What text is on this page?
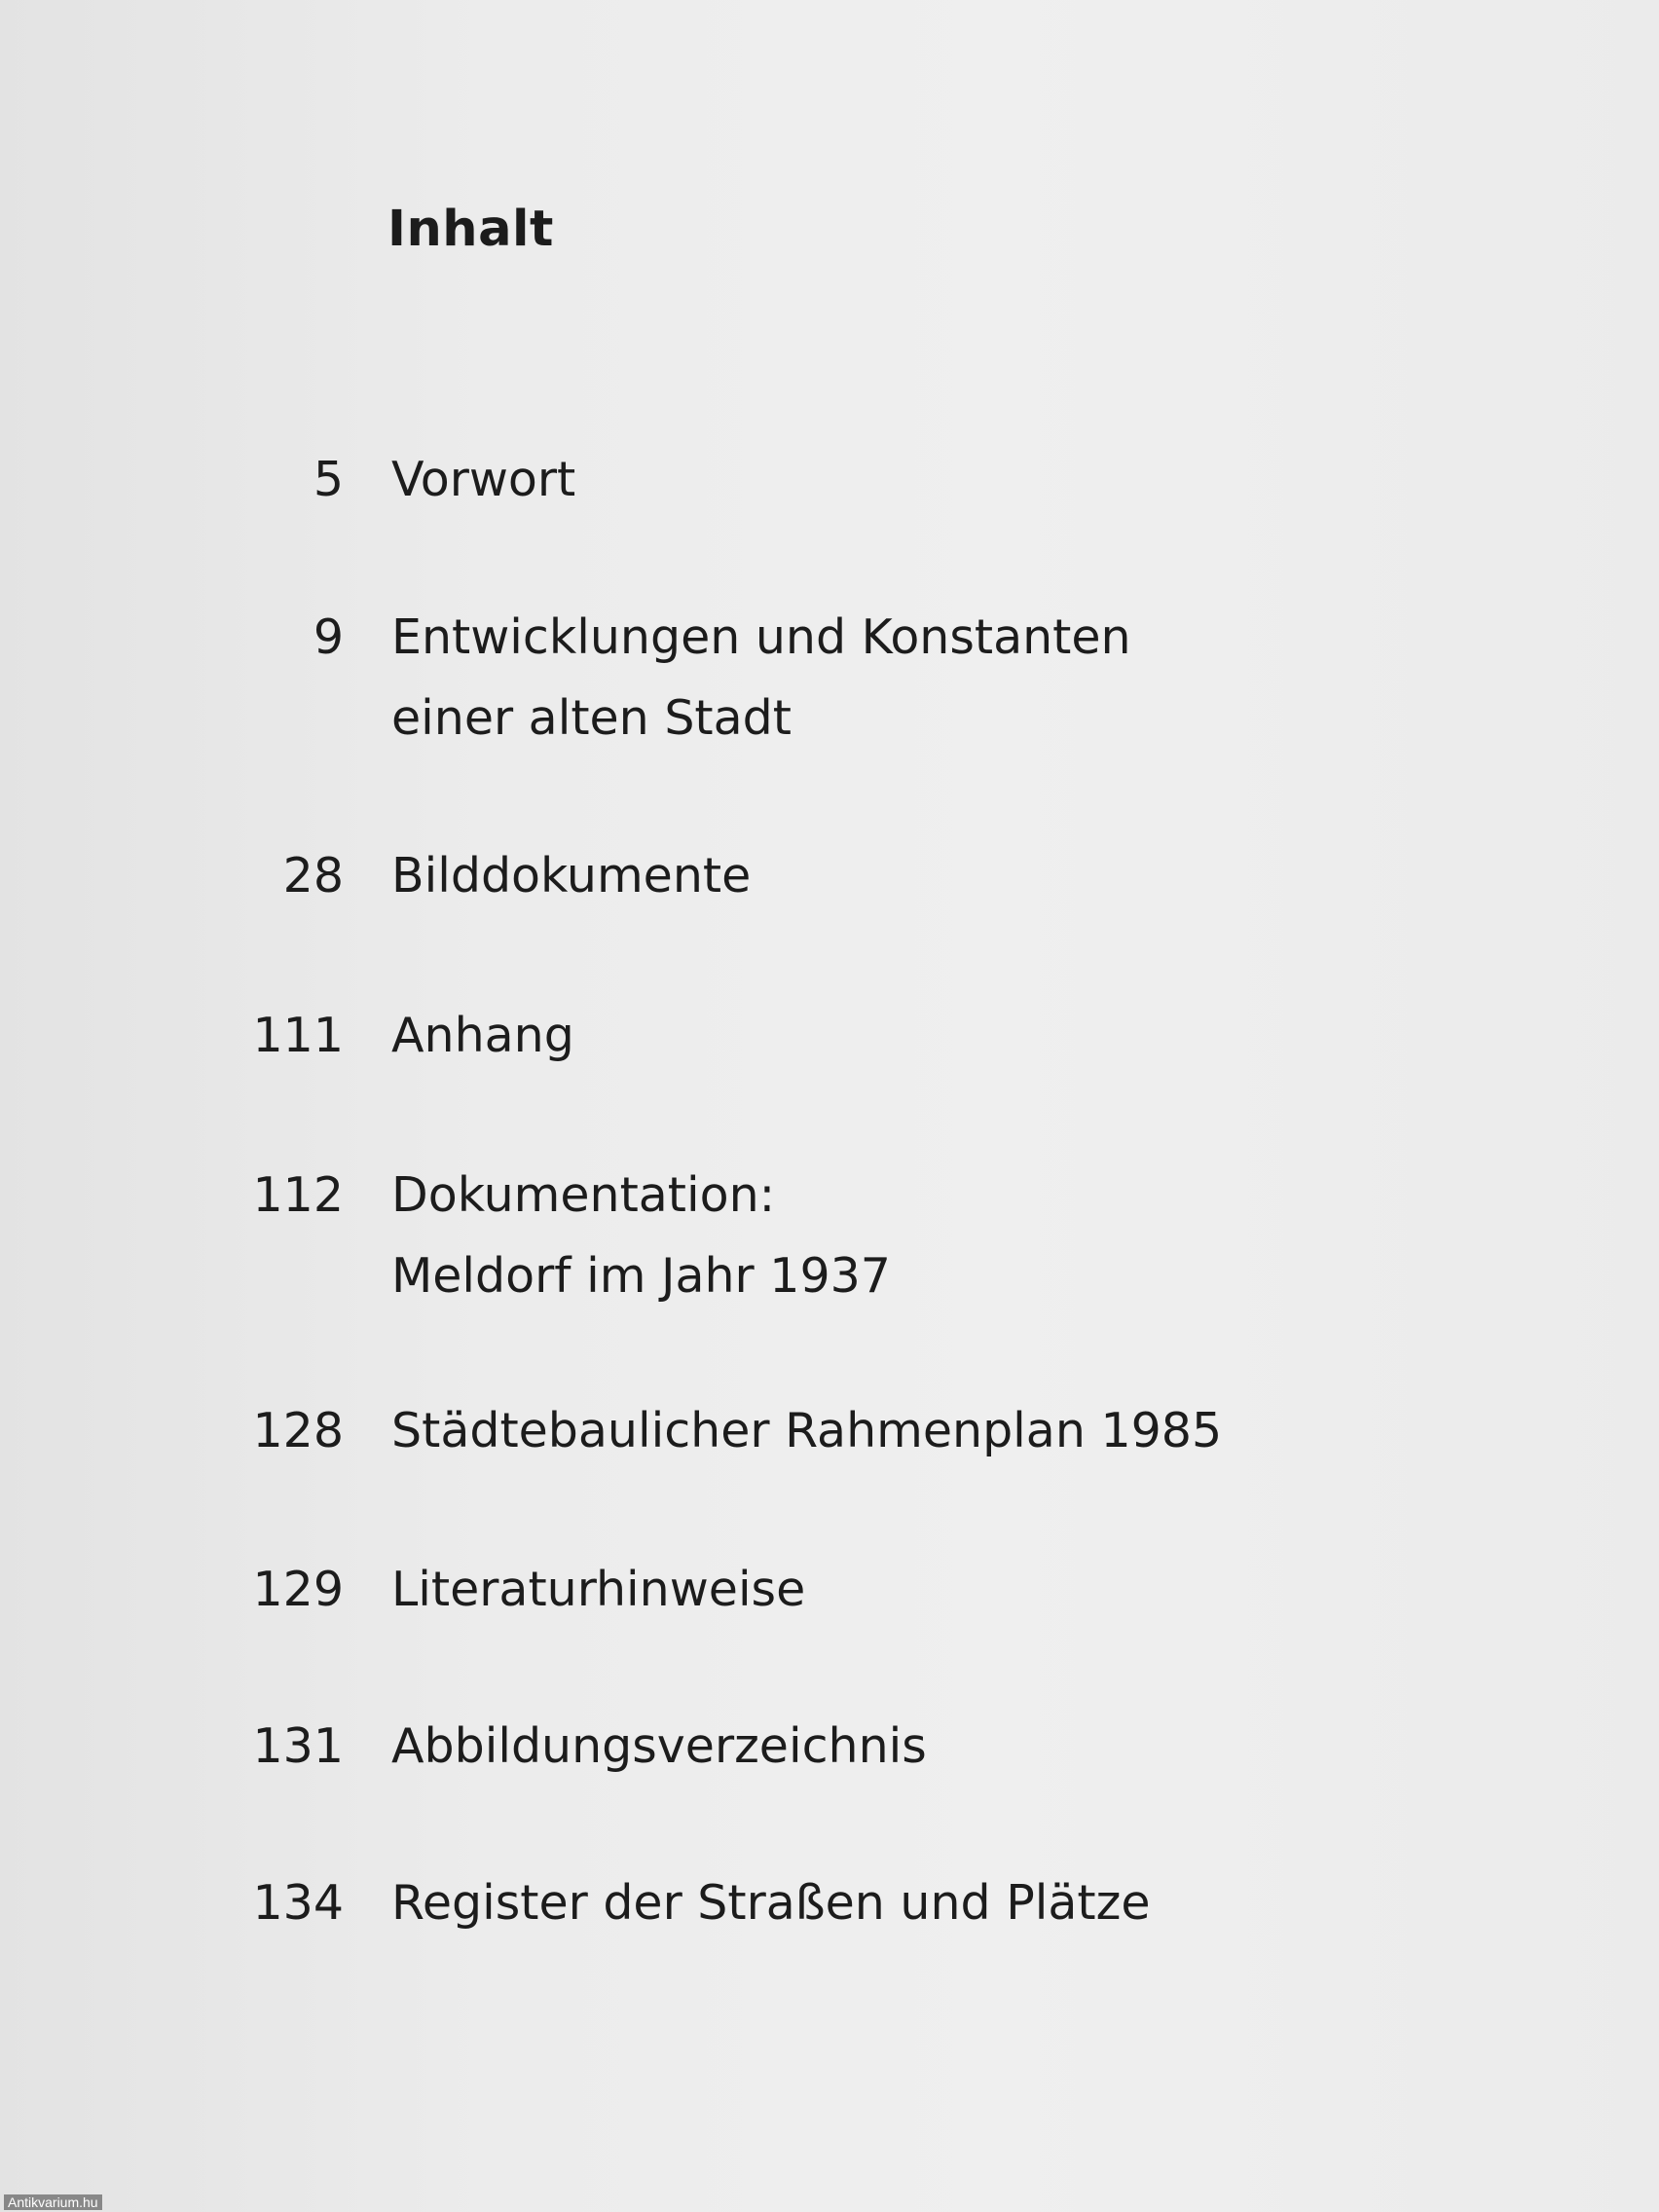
Inhalt
5 Vorwort
9 Entwicklungen und Konstanten
einer alten Stadt
28 Bilddokumente
111 Anhang
112 Dokumentation:
Meldorf im Jahr 1937
128 Städtebaulicher Rahmenplan 1985
129 Literaturhinweise
131 Abbildungsverzeichnis
134 Register der Straßen und Plätze
Antikvarium.hu
